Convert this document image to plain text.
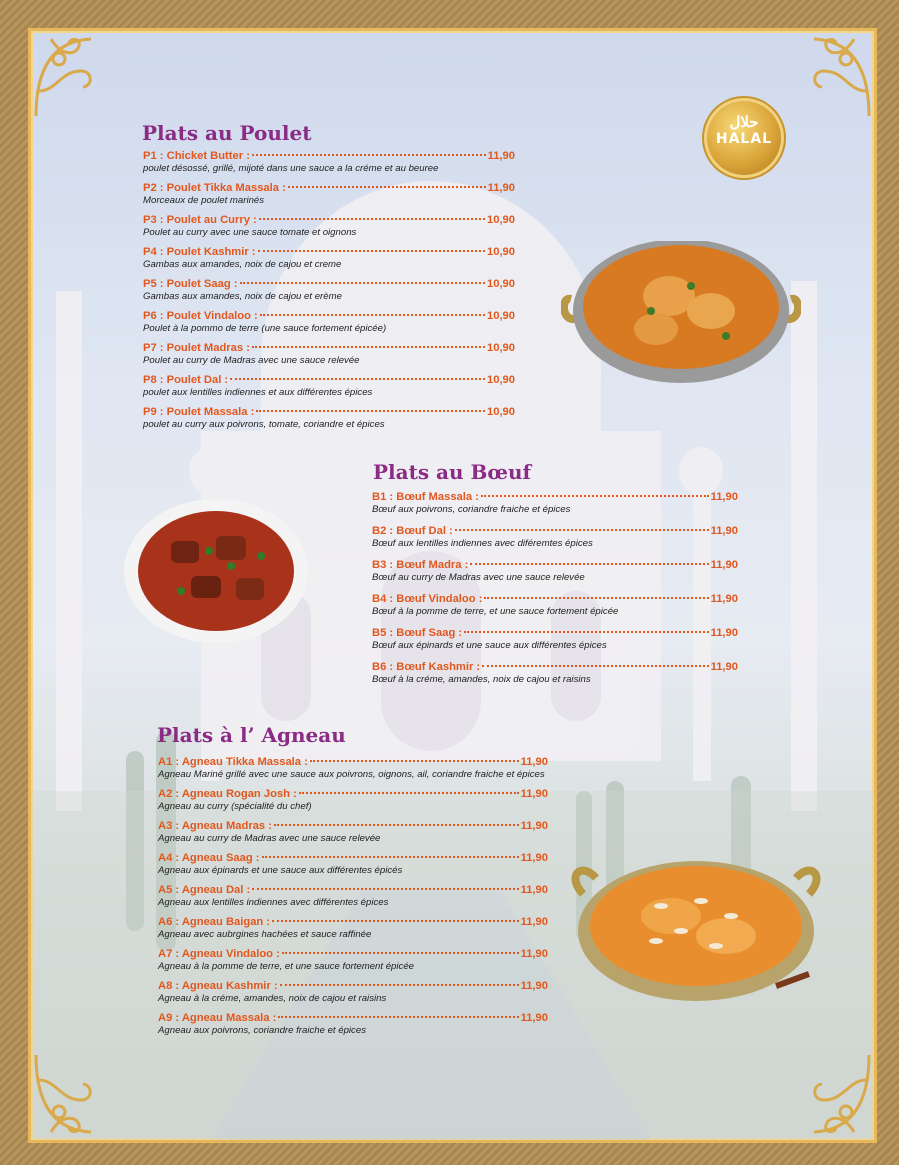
حلال
HALAL
Plats au Poulet
P1 : Chicket Butter :	11,90
poulet désossé, grillé, mijoté dans une sauce a la créme et au beuree
P2 : Poulet Tikka Massala :	11,90
Morceaux de poulet marinés
P3 : Poulet au Curry :	10,90
Poulet au curry avec une sauce tomate et oignons
P4 : Poulet Kashmir :	10,90
Gambas aux amandes, noix de cajou et creme
P5 : Poulet Saag :	10,90
Gambas aux amandes, noix de cajou et erème
P6 : Poulet Vindaloo :	10,90
Poulet à la pommo de terre (une sauce fortement épicée)
P7 : Poulet Madras :	10,90
Poulet au curry de Madras avec une sauce relevée
P8 : Poulet Dal :	10,90
poulet aux lentilles indiennes et aux différentes épices
P9 : Poulet Massala :	10,90
poulet au curry aux poivrons, tomate, coriandre et épices
Plats au Bœuf
B1 : Bœuf Massala :	11,90
Bœuf aux poivrons, coriandre fraiche et épices
B2 : Bœuf Dal :	11,90
Bœuf aux lentilles indiennes avec diféremtes épices
B3 : Bœuf Madra :	11,90
Bœuf au curry de Madras avec une sauce relevée
B4 : Bœuf Vindaloo :	11,90
Bœuf à la pomme de terre, et une sauce fortement épicée
B5 : Bœuf Saag :	11,90
Bœuf aux épinards et une sauce aux différentes épices
B6 : Bœuf Kashmir :	11,90
Bœuf à la créme, amandes, noix de cajou et raisins
Plats à l’ Agneau
A1 : Agneau Tikka Massala :	11,90
Agneau Mariné grillé avec une sauce aux poivrons, oignons, ail, coriandre fraiche et épices
A2 : Agneau Rogan Josh :	11,90
Agneau au curry (spécialité du chef)
A3 : Agneau Madras :	11,90
Agneau au curry de Madras avec une sauce relevée
A4 : Agneau Saag :	11,90
Agneau aux épinards et une sauce aux différentes épicés
A5 : Agneau Dal :	11,90
Agneau aux lentilles indiennes avec différentes épices
A6 : Agneau Baigan :	11,90
Agneau avec aubrgines hachées et sauce raffinée
A7 : Agneau Vindaloo :	11,90
Agneau à la pomme de terre, et une sauce fortement épicée
A8 : Agneau Kashmir :	11,90
Agneau à la créme, amandes, noix de cajou et raisins
A9 : Agneau Massala :	11,90
Agneau aux poivrons, coriandre fraiche et épices
